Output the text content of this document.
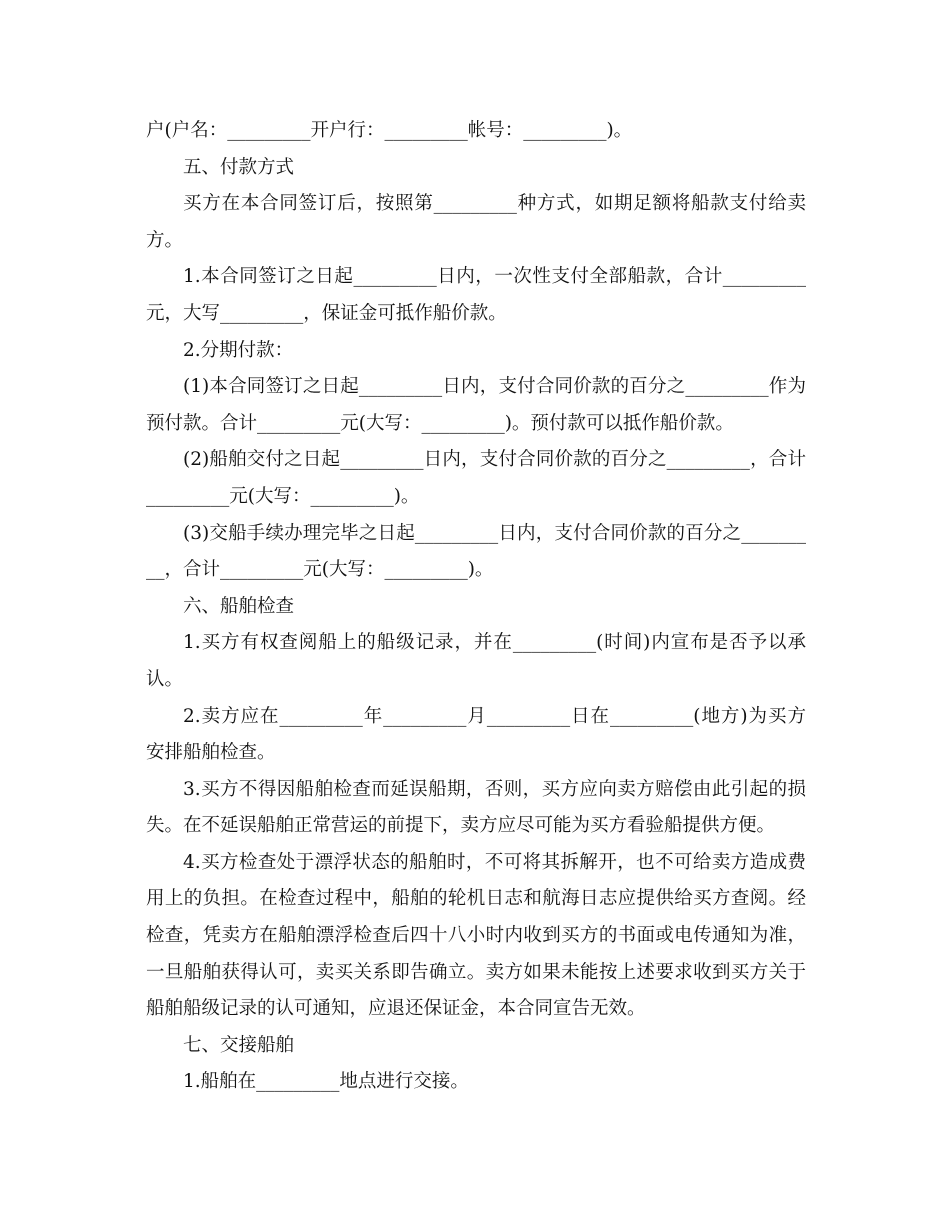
户(户名：_________开户行：_________帐号：_________)。

五、付款方式

买方在本合同签订后，按照第_________种方式，如期足额将船款支付给卖方。

1.本合同签订之日起_________日内，一次性支付全部船款，合计_________元，大写_________，保证金可抵作船价款。

2.分期付款：

(1)本合同签订之日起_________日内，支付合同价款的百分之_________作为预付款。合计_________元(大写：_________)。预付款可以抵作船价款。

(2)船舶交付之日起_________日内，支付合同价款的百分之_________，合计_________元(大写：_________)。

(3)交船手续办理完毕之日起_________日内，支付合同价款的百分之_________，合计_________元(大写：_________)。

六、船舶检查

1.买方有权查阅船上的船级记录，并在_________(时间)内宣布是否予以承认。

2.卖方应在_________年_________月_________日在_________(地方)为买方安排船舶检查。

3.买方不得因船舶检查而延误船期，否则，买方应向卖方赔偿由此引起的损失。在不延误船舶正常营运的前提下，卖方应尽可能为买方看验船提供方便。

4.买方检查处于漂浮状态的船舶时，不可将其拆解开，也不可给卖方造成费用上的负担。在检查过程中，船舶的轮机日志和航海日志应提供给买方查阅。经检查，凭卖方在船舶漂浮检查后四十八小时内收到买方的书面或电传通知为准，一旦船舶获得认可，卖买关系即告确立。卖方如果未能按上述要求收到买方关于船舶船级记录的认可通知，应退还保证金，本合同宣告无效。

七、交接船舶

1.船舶在_________地点进行交接。
